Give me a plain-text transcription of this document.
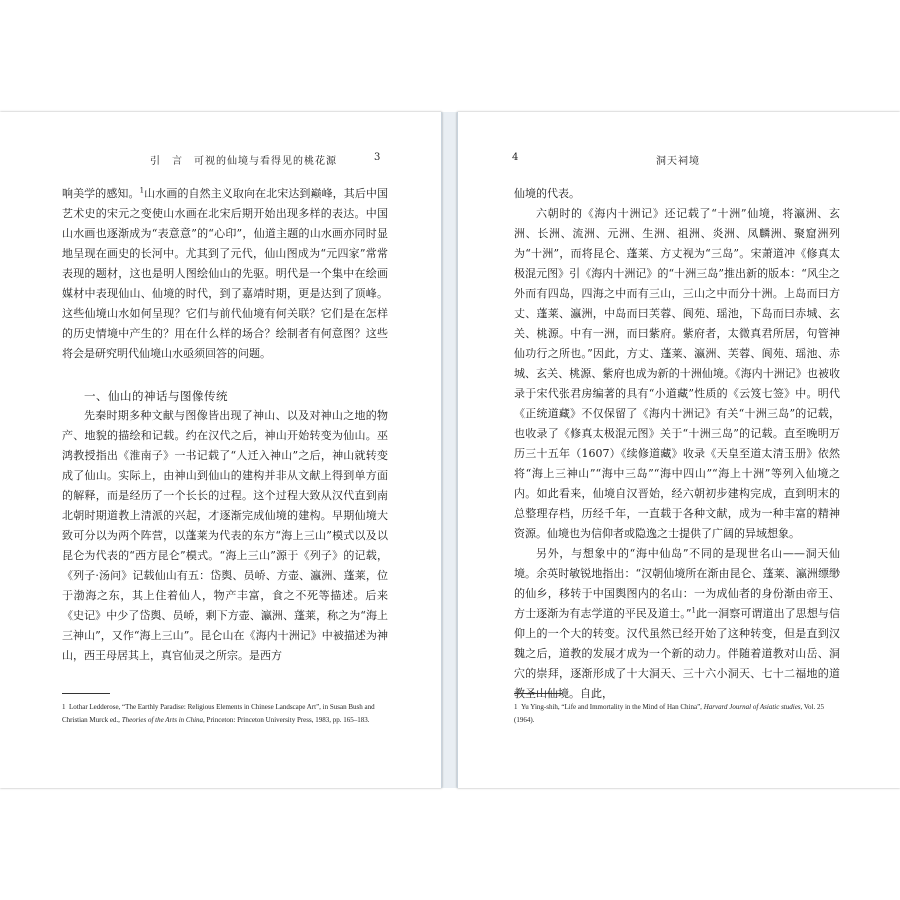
引　言　可视的仙境与看得见的桃花源	3

响美学的感知。$^1$山水画的自然主义取向在北宋达到巅峰，其后中国艺术史的宋元之变使山水画在北宋后期开始出现多样的表达。中国山水画也逐渐成为“表意意”的“心印”，仙道主题的山水画亦同时显地呈现在画史的长河中。尤其到了元代，仙山图成为“元四家”常常表现的题材，这也是明人图绘仙山的先驱。明代是一个集中在绘画媒材中表现仙山、仙境的时代，到了嘉靖时期，更是达到了顶峰。这些仙境山水如何呈现？它们与前代仙境有何关联？它们是在怎样的历史情境中产生的？用在什么样的场合？绘制者有何意图？这些将会是研究明代仙境山水亟须回答的问题。

一、仙山的神话与图像传统

先秦时期多种文献与图像皆出现了神山、以及对神山之地的物产、地貌的描绘和记载。约在汉代之后，神山开始转变为仙山。巫鸿教授指出《淮南子》一书记载了“人迁入神山”之后，神山就转变成了仙山。实际上，由神山到仙山的建构并非从文献上得到单方面的解释，而是经历了一个长长的过程。这个过程大致从汉代直到南北朝时期道教上清派的兴起，才逐渐完成仙境的建构。早期仙境大致可分以为两个阵营，以蓬莱为代表的东方“海上三山”模式以及以昆仑为代表的“西方昆仑”模式。“海上三山”源于《列子》的记载，《列子·汤问》记载仙山有五：岱舆、员峤、方壶、瀛洲、蓬莱，位于渤海之东，其上住着仙人，物产丰富，食之不死等描述。后来《史记》中少了岱舆、员峤，剩下方壶、瀛洲、蓬莱，称之为“海上三神山”，又作“海上三山”。昆仑山在《海内十洲记》中被描述为神山，西王母居其上，真官仙灵之所宗。是西方

1 Lothar Ledderose, “The Earthly Paradise: Religious Elements in Chinese Landscape Art”, in Susan Bush and Christian Murck ed., Theories of the Arts in China, Princeton: Princeton University Press, 1983, pp. 165–183.
4	洞天祠境

仙境的代表。

六朝时的《海内十洲记》还记载了“十洲”仙境，将瀛洲、玄洲、长洲、流洲、元洲、生洲、祖洲、炎洲、凤麟洲、聚窟洲列为“十洲”，而将昆仑、蓬莱、方丈视为“三岛”。宋萧道冲《修真太极混元图》引《海内十洲记》的“十洲三岛”推出新的版本：“风尘之外而有四岛，四海之中而有三山，三山之中而分十洲。上岛而曰方丈、蓬莱、瀛洲，中岛而曰芙蓉、阆苑、瑶池，下岛而曰赤城、玄关、桃源。中有一洲，而曰紫府。紫府者，太微真君所居，句管神仙功行之所也。”因此，方丈、蓬莱、瀛洲、芙蓉、阆苑、瑶池、赤城、玄关、桃源、紫府也成为新的十洲仙境。《海内十洲记》也被收录于宋代张君房编著的具有“小道藏”性质的《云笈七签》中。明代《正统道藏》不仅保留了《海内十洲记》有关“十洲三岛”的记载，也收录了《修真太极混元图》关于“十洲三岛”的记载。直至晚明万历三十五年（1607）《续修道藏》收录《天皇至道太清玉册》依然将“海上三神山”“海中三岛”“海中四山”“海上十洲”等列入仙境之内。如此看来，仙境自汉晋始，经六朝初步建构完成，直到明末的总整理存档，历经千年，一直载于各种文献，成为一种丰富的精神资源。仙境也为信仰者或隐逸之士提供了广阔的异域想象。

另外，与想象中的“海中仙岛”不同的是现世名山——洞天仙境。余英时敏锐地指出：“汉朝仙境所在渐由昆仑、蓬莱、瀛洲缥缈的仙乡，移转于中国舆图内的名山：一为成仙者的身份渐由帝王、方士逐渐为有志学道的平民及道士。”$^1$此一洞察可谓道出了思想与信仰上的一个大的转变。汉代虽然已经开始了这种转变，但是直到汉魏之后，道教的发展才成为一个新的动力。伴随着道教对山岳、洞穴的崇拜，逐渐形成了十大洞天、三十六小洞天、七十二福地的道教圣山仙境。自此，

1 Yu Ying-shih, “Life and Immortality in the Mind of Han China”, Harvard Journal of Asiatic studies, Vol. 25 (1964).
